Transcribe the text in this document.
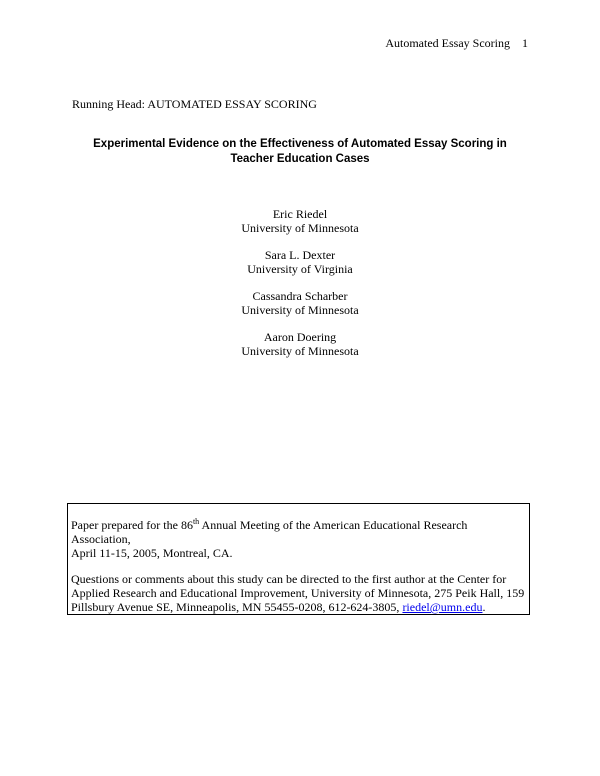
Automated Essay Scoring 1
Running Head: AUTOMATED ESSAY SCORING
Experimental Evidence on the Effectiveness of Automated Essay Scoring in
Teacher Education Cases
Eric Riedel
University of Minnesota
Sara L. Dexter
University of Virginia
Cassandra Scharber
University of Minnesota
Aaron Doering
University of Minnesota

Paper prepared for the 86th Annual Meeting of the American Educational Research Association,
April 11-15, 2005, Montreal, CA.

Questions or comments about this study can be directed to the first author at the Center for
Applied Research and Educational Improvement, University of Minnesota, 275 Peik Hall, 159
Pillsbury Avenue SE, Minneapolis, MN 55455-0208, 612-624-3805, riedel@umn.edu.
